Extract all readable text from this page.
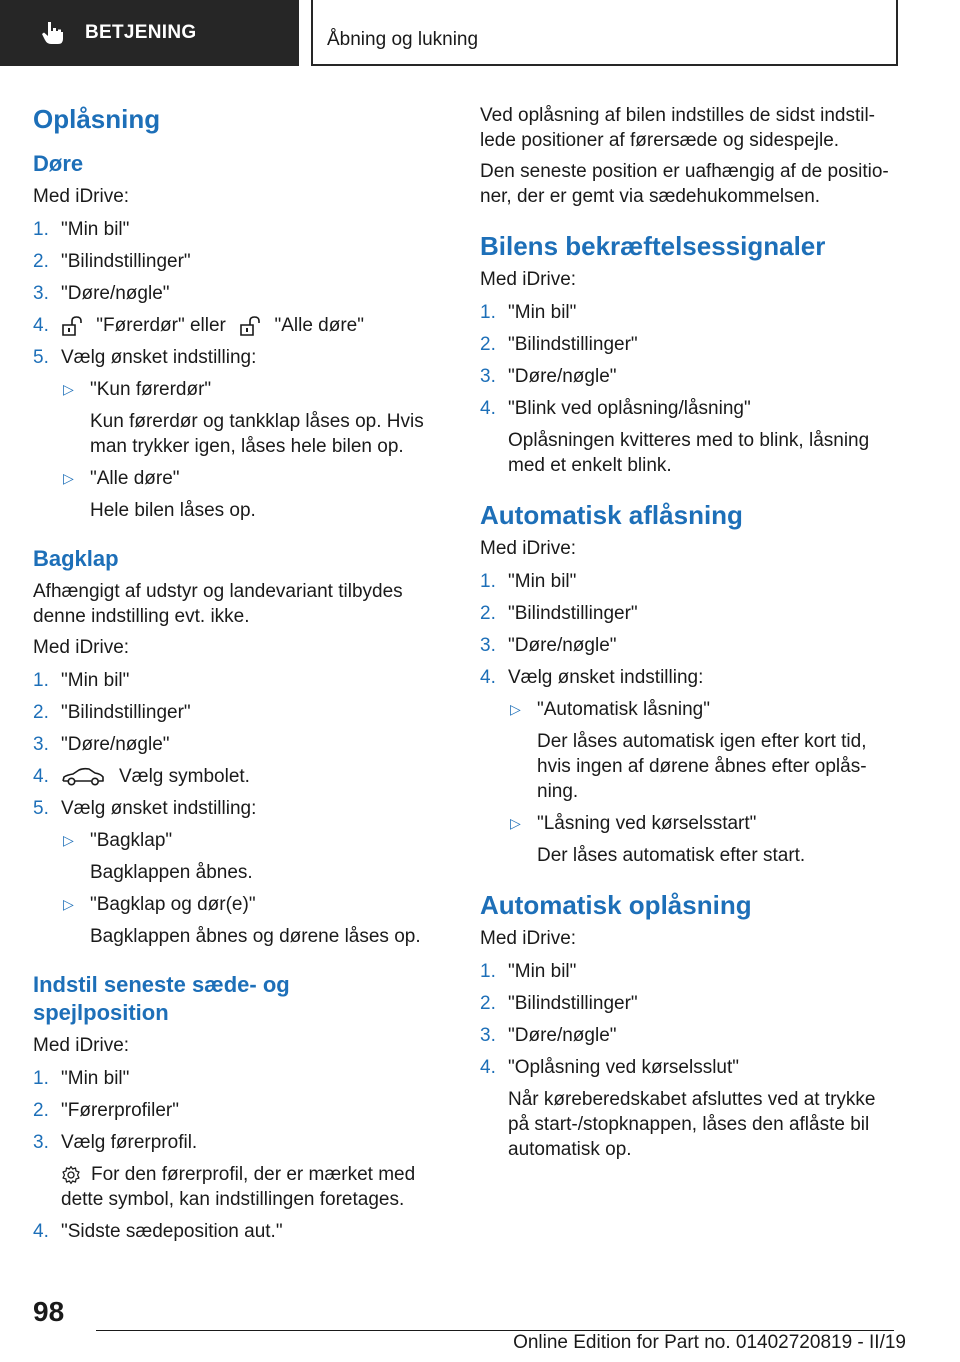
BETJENING	Åbning og lukning
Oplåsning
Døre

Med iDrive:

1. "Min bil"
2. "Bilindstillinger"
3. "Døre/nøgle"
4. "Førerdør" eller	"Alle døre"
5. Vælg ønsket indstilling:
▷ "Kun førerdør"
Kun førerdør og tankklap låses op. Hvis man trykker igen, låses hele bilen op.
▷ "Alle døre"
Hele bilen låses op.
Bagklap

Afhængigt af udstyr og landevariant tilbydes denne indstilling evt. ikke.

Med iDrive:

1. "Min bil"
2. "Bilindstillinger"
3. "Døre/nøgle"
4.	Vælg symbolet.
5. Vælg ønsket indstilling:
▷ "Bagklap"
Bagklappen åbnes.
▷ "Bagklap og dør(e)"
Bagklappen åbnes og dørene låses op.
Indstil seneste sæde- og spejlposition

Med iDrive:

1. "Min bil"
2. "Førerprofiler"
3. Vælg førerprofil.
For den førerprofil, der er mærket med dette symbol, kan indstillingen foretages.
4. "Sidste sædeposition aut."

Ved oplåsning af bilen indstilles de sidst indstil-lede positioner af førersæde og sidespejle.

Den seneste position er uafhængig af de positio-ner, der er gemt via sædehukommelsen.

Bilens bekræftelsessignaler

Med iDrive:

1. "Min bil"
2. "Bilindstillinger"
3. "Døre/nøgle"
4. "Blink ved oplåsning/låsning"
Oplåsningen kvitteres med to blink, låsning med et enkelt blink.
Automatisk aflåsning

Med iDrive:

1. "Min bil"
2. "Bilindstillinger"
3. "Døre/nøgle"
4. Vælg ønsket indstilling:
▷ "Automatisk låsning"
Der låses automatisk igen efter kort tid, hvis ingen af dørene åbnes efter oplås-ning.
▷ "Låsning ved kørselsstart"
Der låses automatisk efter start.
Automatisk oplåsning

Med iDrive:

1. "Min bil"
2. "Bilindstillinger"
3. "Døre/nøgle"
4. "Oplåsning ved kørselsslut"
Når køreberedskabet afsluttes ved at trykke på start-/stopknappen, låses den aflåste bil automatisk op.
98
Online Edition for Part no. 01402720819 - II/19
